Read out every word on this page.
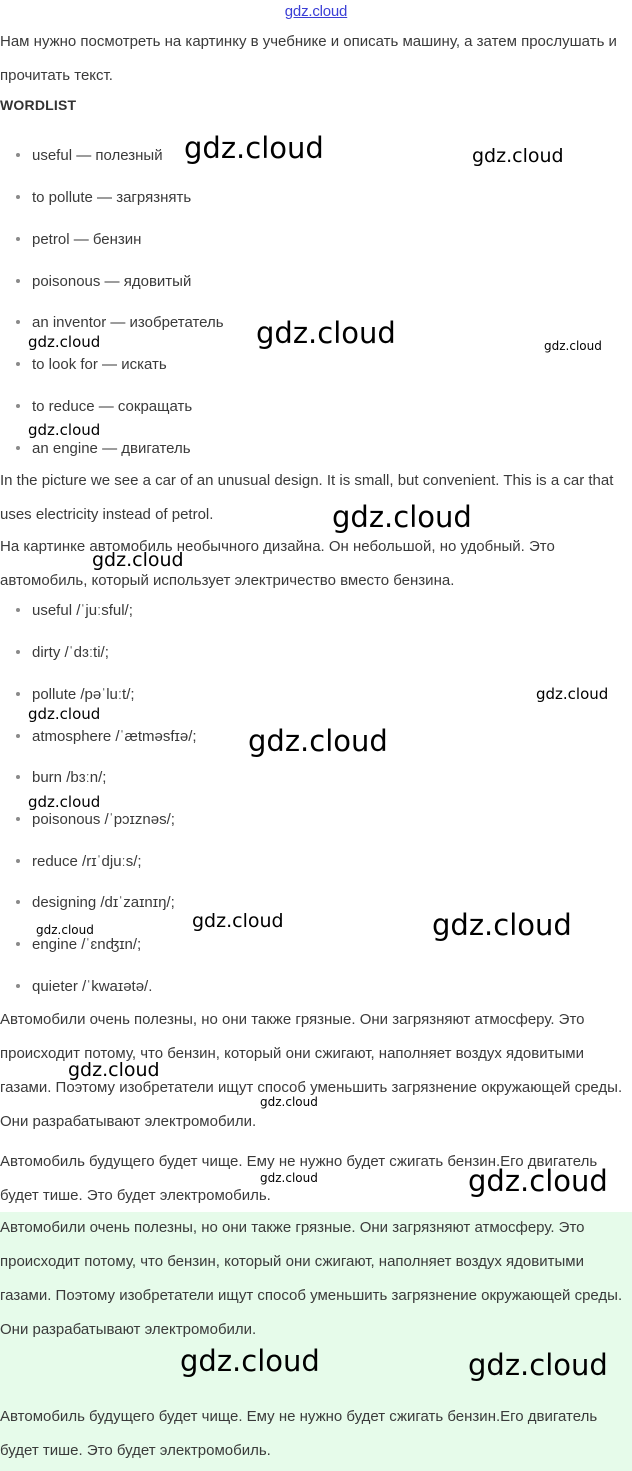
gdz.cloud

Нам нужно посмотреть на картинку в учебнике и описать машину, а затем прослушать и прочитать текст.

WORDLIST
useful — полезный
to pollute — загрязнять
petrol — бензин
poisonous — ядовитый
an inventor — изобретатель
to look for — искать
to reduce — сокращать
an engine — двигатель

In the picture we see a car of an unusual design. It is small, but convenient. This is a car that uses electricity instead of petrol.

На картинке автомобиль необычного дизайна. Он небольшой, но удобный. Это автомобиль, который использует электричество вместо бензина.

useful /ˈjuːsful/;
dirty /ˈdɜːti/;
pollute /pəˈluːt/;
atmosphere /ˈætməsfɪə/;
burn /bɜːn/;
poisonous /ˈpɔɪznəs/;
reduce /rɪˈdjuːs/;
designing /dɪˈzaɪnɪŋ/;
engine /ˈɛnʤɪn/;
quieter /ˈkwaɪətə/.

Автомобили очень полезны, но они также грязные. Они загрязняют атмосферу. Это происходит потому, что бензин, который они сжигают, наполняет воздух ядовитыми газами. Поэтому изобретатели ищут способ уменьшить загрязнение окружающей среды. Они разрабатывают электромобили.

Автомобиль будущего будет чище. Ему не нужно будет сжигать бензин.Его двигатель будет тише. Это будет электромобиль.

Автомобили очень полезны, но они также грязные. Они загрязняют атмосферу. Это происходит потому, что бензин, который они сжигают, наполняет воздух ядовитыми газами. Поэтому изобретатели ищут способ уменьшить загрязнение окружающей среды. Они разрабатывают электромобили.

Автомобиль будущего будет чище. Ему не нужно будет сжигать бензин.Его двигатель будет тише. Это будет электромобиль.

gdz.cloud	gdz.cloud
gdz.cloud
gdz.cloud	gdz.cloud
gdz.cloud
gdz.cloud
gdz.cloud
gdz.cloud
gdz.cloud
gdz.cloud
gdz.cloud
gdz.cloud	gdz.cloud
gdz.cloud
gdz.cloud
gdz.cloud
gdz.cloud	gdz.cloud
gdz.cloud	gdz.cloud
